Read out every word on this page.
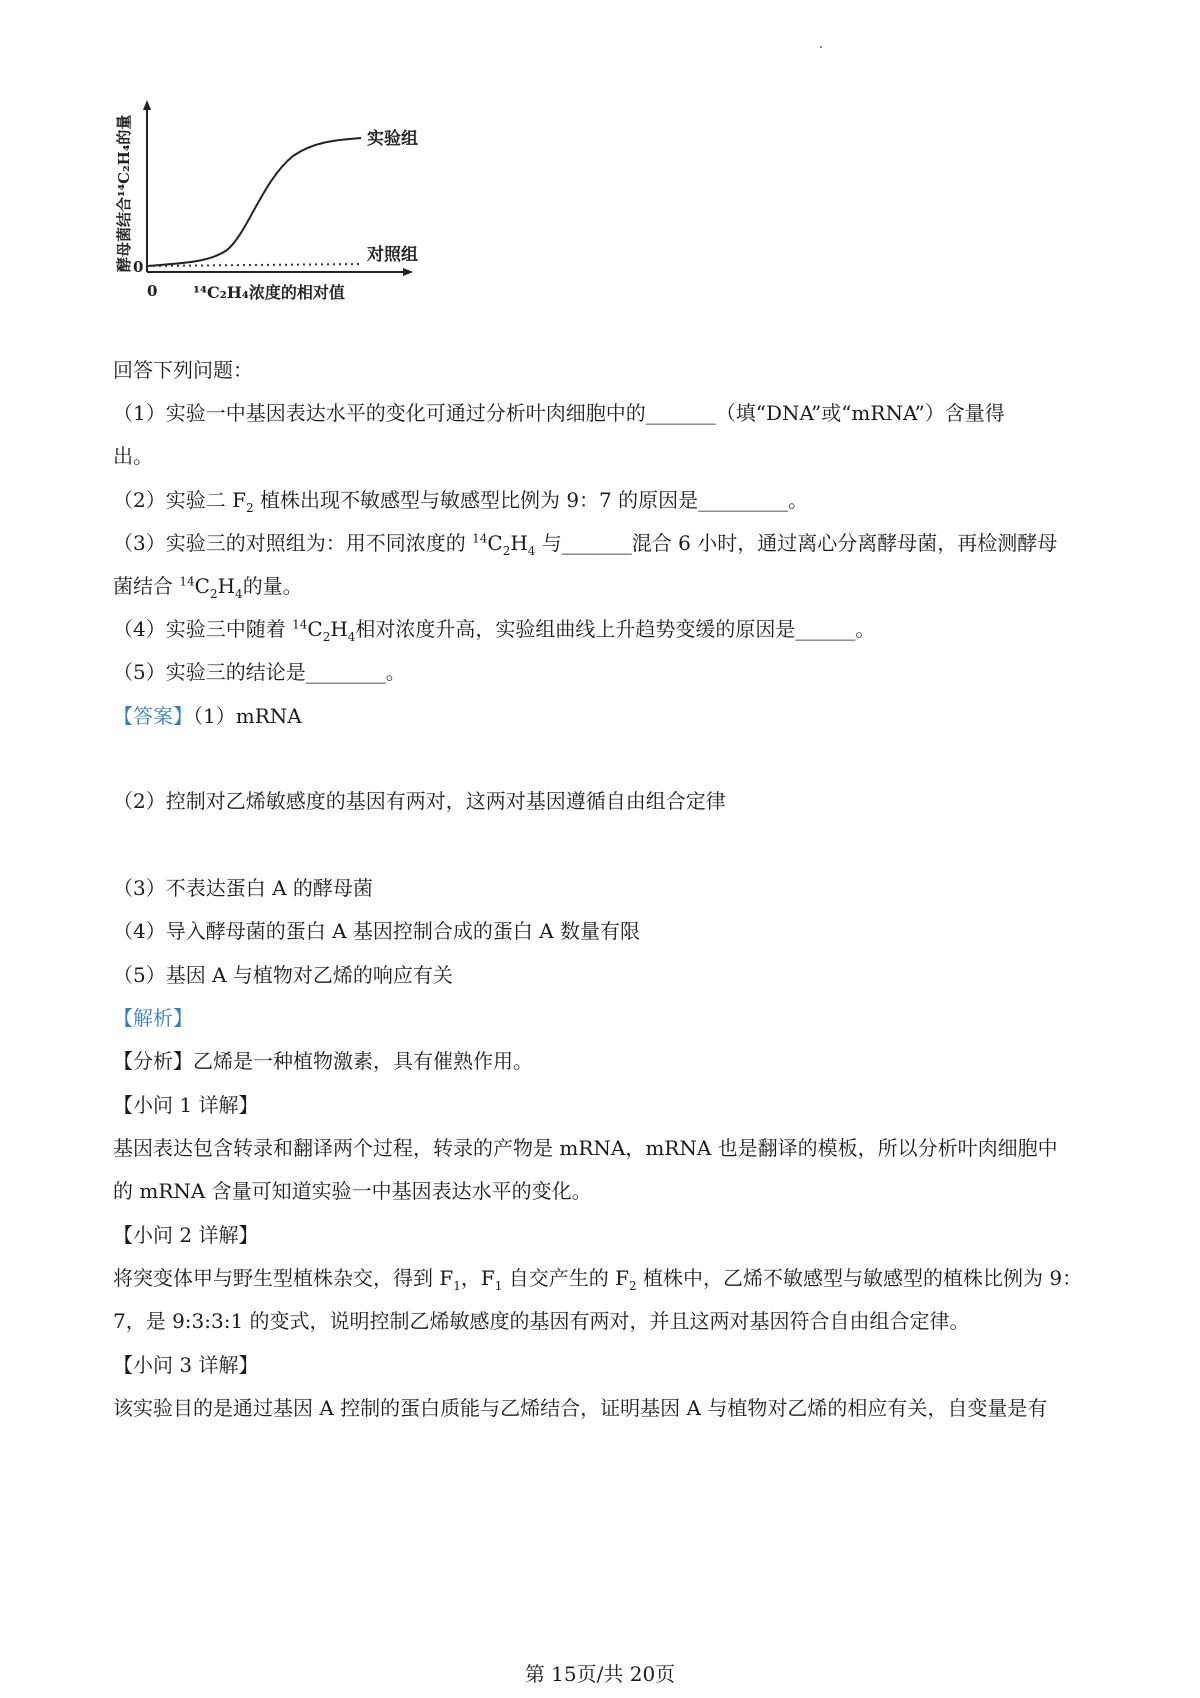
实验组
对照组
0
0 ¹⁴C₂H₄浓度的相对值
酵母菌结合¹⁴C₂H₄的量
回答下列问题：
（1）实验一中基因表达水平的变化可通过分析叶肉细胞中的_______（填“DNA”或“mRNA”）含量得
出。
（2）实验二 $F_2$ 植株出现不敏感型与敏感型比例为 9：7 的原因是_________。
（3）实验三的对照组为：用不同浓度的 $^{14}C_2H_4$ 与_______混合 6 小时，通过离心分离酵母菌，再检测酵母
菌结合 $^{14}C_2H_4$的量。
（4）实验三中随着 $^{14}C_2H_4$相对浓度升高，实验组曲线上升趋势变缓的原因是______。
（5）实验三的结论是________。
【答案】（1）mRNA
（2）控制对乙烯敏感度的基因有两对，这两对基因遵循自由组合定律
（3）不表达蛋白 A 的酵母菌
（4）导入酵母菌的蛋白 A 基因控制合成的蛋白 A 数量有限
（5）基因 A 与植物对乙烯的响应有关
【解析】
【分析】乙烯是一种植物激素，具有催熟作用。
【小问 1 详解】
基因表达包含转录和翻译两个过程，转录的产物是 mRNA，mRNA 也是翻译的模板，所以分析叶肉细胞中
的 mRNA 含量可知道实验一中基因表达水平的变化。
【小问 2 详解】
将突变体甲与野生型植株杂交，得到 $F_1$，$F_1$ 自交产生的 $F_2$ 植株中，乙烯不敏感型与敏感型的植株比例为 9：
7，是 9:3:3:1 的变式，说明控制乙烯敏感度的基因有两对，并且这两对基因符合自由组合定律。
【小问 3 详解】
该实验目的是通过基因 A 控制的蛋白质能与乙烯结合，证明基因 A 与植物对乙烯的相应有关，自变量是有
第 15页/共 20页
